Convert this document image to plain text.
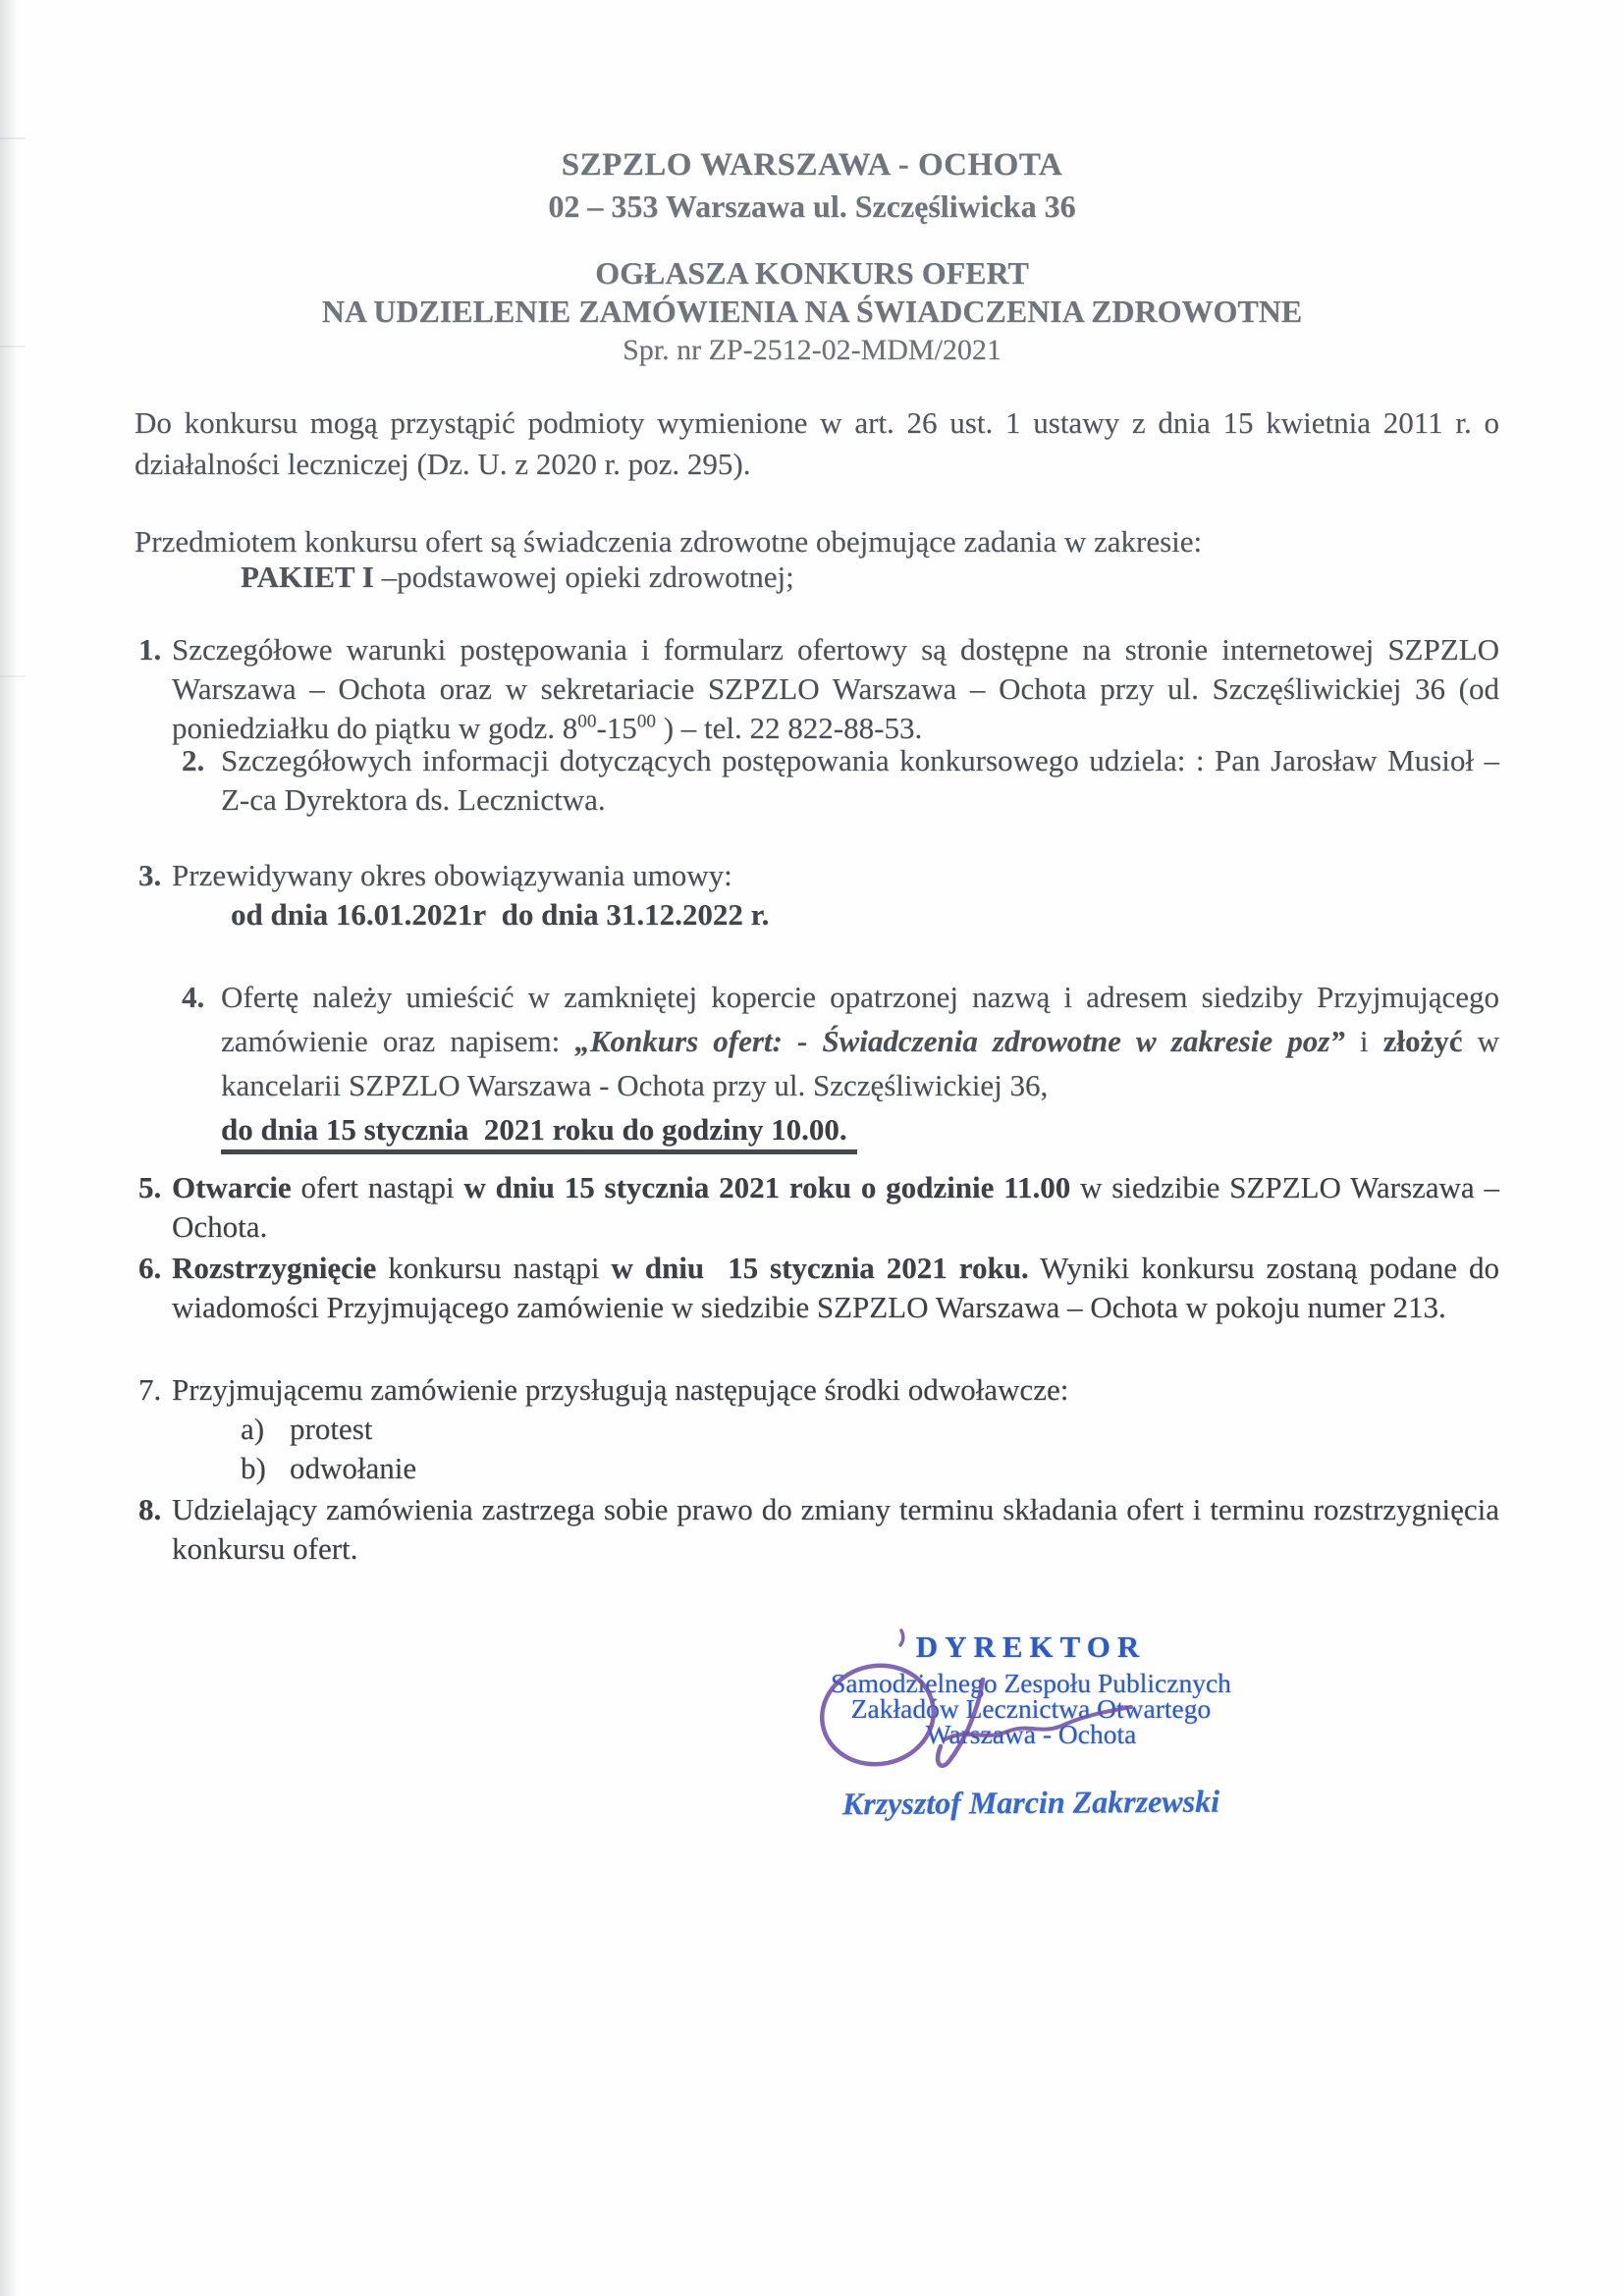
SZPZLO WARSZAWA - OCHOTA
02 – 353 Warszawa ul. Szczęśliwicka 36
OGŁASZA KONKURS OFERT
NA UDZIELENIE ZAMÓWIENIA NA ŚWIADCZENIA ZDROWOTNE
Spr. nr ZP-2512-02-MDM/2021
Do konkursu mogą przystąpić podmioty wymienione w art. 26 ust. 1 ustawy z dnia 15 kwietnia 2011 r. o działalności leczniczej (Dz. U. z 2020 r. poz. 295).
Przedmiotem konkursu ofert są świadczenia zdrowotne obejmujące zadania w zakresie:
PAKIET I –podstawowej opieki zdrowotnej;
1. Szczegółowe warunki postępowania i formularz ofertowy są dostępne na stronie internetowej SZPZLO Warszawa – Ochota oraz w sekretariacie SZPZLO Warszawa – Ochota przy ul. Szczęśliwickiej 36 (od poniedziałku do piątku w godz. $8^{00}-15^{00}$ ) – tel. 22 822-88-53.
2. Szczegółowych informacji dotyczących postępowania konkursowego udziela: : Pan Jarosław Musioł – Z-ca Dyrektora ds. Lecznictwa.
3. Przewidywany okres obowiązywania umowy:
od dnia 16.01.2021r  do dnia 31.12.2022 r.
4. Ofertę należy umieścić w zamkniętej kopercie opatrzonej nazwą i adresem siedziby Przyjmującego zamówienie oraz napisem: „Konkurs ofert: - Świadczenia zdrowotne w zakresie poz” i złożyć w kancelarii SZPZLO Warszawa - Ochota przy ul. Szczęśliwickiej 36,
do dnia 15 stycznia  2021 roku do godziny 10.00.
5. Otwarcie ofert nastąpi w dniu 15 stycznia 2021 roku o godzinie 11.00 w siedzibie SZPZLO Warszawa – Ochota.
6. Rozstrzygnięcie konkursu nastąpi w dniu  15 stycznia 2021 roku. Wyniki konkursu zostaną podane do wiadomości Przyjmującego zamówienie w siedzibie SZPZLO Warszawa – Ochota w pokoju numer 213.
7. Przyjmującemu zamówienie przysługują następujące środki odwoławcze:
a) protest
b) odwołanie
8. Udzielający zamówienia zastrzega sobie prawo do zmiany terminu składania ofert i terminu rozstrzygnięcia konkursu ofert.
DYREKTOR
Samodzielnego Zespołu Publicznych
Zakładów Lecznictwa Otwartego
Warszawa - Ochota
Krzysztof Marcin Zakrzewski
